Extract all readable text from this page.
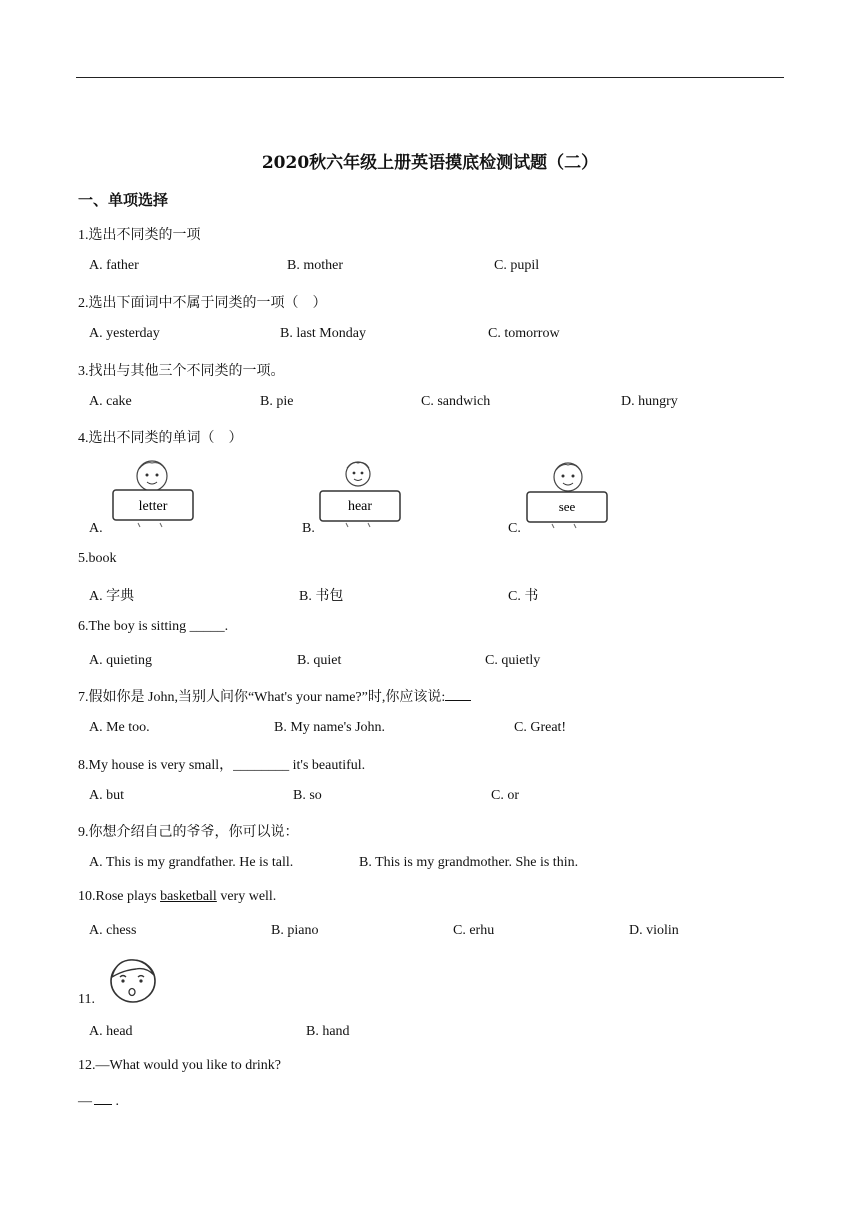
2020秋六年级上册英语摸底检测试题（二）
一、单项选择
1.选出不同类的一项
A. father	B. mother	C. pupil
2.选出下面词中不属于同类的一项（　）
A. yesterday	B. last Monday	C. tomorrow
3.找出与其他三个不同类的一项。
A. cake	B. pie	C. sandwich	D. hungry
4.选出不同类的单词（　）
A.	B.	C.
letter	hear	see
5.book
A. 字典	B. 书包	C. 书
6.The boy is sitting _____.
A. quieting	B. quiet	C. quietly
7.假如你是 John,当别人问你“What's your name?”时,你应该说:
A. Me too.	B. My name's John.	C. Great!
8.My house is very small，________ it's beautiful.
A. but	B. so	C. or
9.你想介绍自己的爷爷，你可以说：
A. This is my grandfather. He is tall.	B. This is my grandmother. She is thin.
10.Rose plays basketball very well.
A. chess	B. piano	C. erhu	D. violin
11.
A. head	B. hand
12.—What would you like to drink?
— .
